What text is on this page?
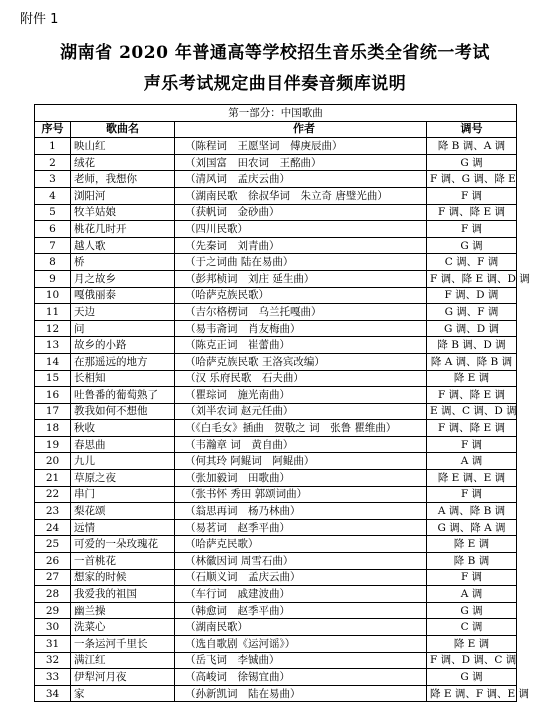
附件 1
湖南省 2020 年普通高等学校招生音乐类全省统一考试
声乐考试规定曲目伴奏音频库说明
第一部分：中国歌曲			
序号	歌曲名	作者	调号
1	映山红	（陈程词　王愿坚词　傅庚辰曲）	降 B 调、A 调
2	绒花	（刘国富　田农词　王酩曲）	G 调
3	老师，我想你	（清风词　孟庆云曲）	F 调、G 调、降 E
4	浏阳河	（湖南民歌　徐叔华词　朱立奇 唐璧光曲）	F 调
5	牧羊姑娘	（获帆词　金砂曲）	F 调、降 E 调
6	桃花几时开	（四川民歌）	F 调
7	越人歌	（先秦词　刘青曲）	G 调
8	桥	（于之词曲 陆在易曲）	C 调、F 调
9	月之故乡	（彭邦桢词　刘庄 延生曲）	F 调、降 E 调、D 调
10	嘎俄丽泰	（哈萨克族民歌）	F 调、D 调
11	天边	（吉尔格楞词　乌兰托嘎曲）	G 调、F 调
12	问	（易韦斋词　肖友梅曲）	G 调、D 调
13	故乡的小路	（陈克正词　崔蕾曲）	降 B 调、D 调
14	在那遥远的地方	（哈萨克族民歌 王洛宾改编）	降 A 调、降 B 调
15	长相知	（汉 乐府民歌　石夫曲）	降 E 调
16	吐鲁番的葡萄熟了	（瞿琮词　施光南曲）	F 调、降 E 调
17	教我如何不想他	（刘半农词 赵元任曲）	E 调、C 调、D 调
18	秋收	（《白毛女》插曲　贺敬之 词　张鲁 瞿维曲）	F 调、降 E 调
19	春思曲	（韦瀚章 词　黄自曲）	F 调
20	九儿	（何其玲 阿鲲词　阿鲲曲）	A 调
21	草原之夜	（张加毅词　田歌曲）	降 E 调、E 调
22	串门	（张书怀 秀田 郭颂词曲）	F 调
23	梨花颂	（翁思再词　杨乃林曲）	A 调、降 B 调
24	远情	（易茗词　赵季平曲）	G 调、降 A 调
25	可爱的一朵玫瑰花	（哈萨克民歌）	降 E 调
26	一首桃花	（林徽因词 周雪石曲）	降 B 调
27	想家的时候	（石顺义词　孟庆云曲）	F 调
28	我爱我的祖国	（车行词　戚建波曲）	A 调
29	幽兰操	（韩愈词　赵季平曲）	G 调
30	洗菜心	（湖南民歌）	C 调
31	一条运河千里长	（选自歌剧《运河谣》）	降 E 调
32	满江红	（岳飞词　李铖曲）	F 调、D 调、C 调
33	伊犁河月夜	（高峻词　徐锡宜曲）	G 调
34	家	（孙新凯词　陆在易曲）	降 E 调、F 调、E 调
